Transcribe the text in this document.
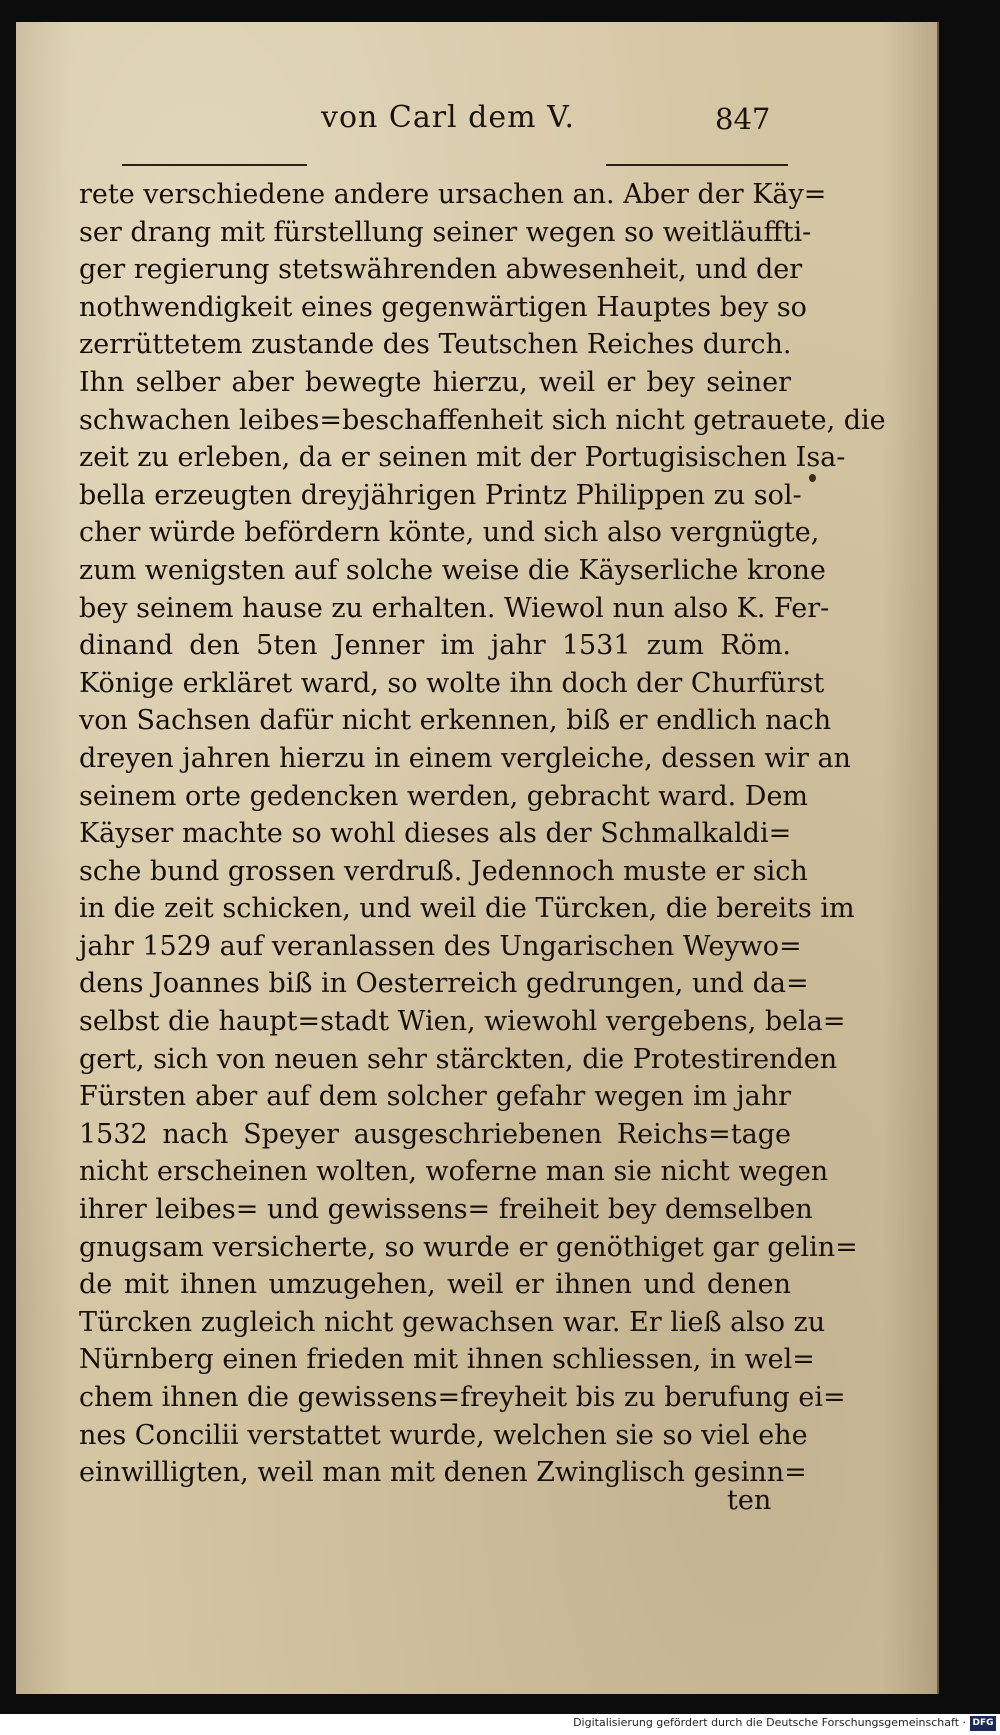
von Carl dem V.	847
rete verschiedene andere ursachen an. Aber der Käy=
ser drang mit fürstellung seiner wegen so weitläuffti-
ger regierung stetswährenden abwesenheit, und der
nothwendigkeit eines gegenwärtigen Hauptes bey so
zerrüttetem zustande des Teutschen Reiches durch.
Ihn selber aber bewegte hierzu, weil er bey seiner
schwachen leibes=beschaffenheit sich nicht getrauete, die
zeit zu erleben, da er seinen mit der Portugisischen Isa-
bella erzeugten dreyjährigen Printz Philippen zu sol-
cher würde befördern könte, und sich also vergnügte,
zum wenigsten auf solche weise die Käyserliche krone
bey seinem hause zu erhalten. Wiewol nun also K. Fer-
dinand den 5ten Jenner im jahr 1531 zum Röm.
Könige erkläret ward, so wolte ihn doch der Churfürst
von Sachsen dafür nicht erkennen, biß er endlich nach
dreyen jahren hierzu in einem vergleiche, dessen wir an
seinem orte gedencken werden, gebracht ward. Dem
Käyser machte so wohl dieses als der Schmalkaldi=
sche bund grossen verdruß. Jedennoch muste er sich
in die zeit schicken, und weil die Türcken, die bereits im
jahr 1529 auf veranlassen des Ungarischen Weywo=
dens Joannes biß in Oesterreich gedrungen, und da=
selbst die haupt=stadt Wien, wiewohl vergebens, bela=
gert, sich von neuen sehr stärckten, die Protestirenden
Fürsten aber auf dem solcher gefahr wegen im jahr
1532 nach Speyer ausgeschriebenen Reichs=tage
nicht erscheinen wolten, woferne man sie nicht wegen
ihrer leibes= und gewissens= freiheit bey demselben
gnugsam versicherte, so wurde er genöthiget gar gelin=
de mit ihnen umzugehen, weil er ihnen und denen
Türcken zugleich nicht gewachsen war. Er ließ also zu
Nürnberg einen frieden mit ihnen schliessen, in wel=
chem ihnen die gewissens=freyheit bis zu berufung ei=
nes Concilii verstattet wurde, welchen sie so viel ehe
einwilligten, weil man mit denen Zwinglisch gesinn=
ten
Digitalisierung gefördert durch die Deutsche Forschungsgemeinschaft · DFG
